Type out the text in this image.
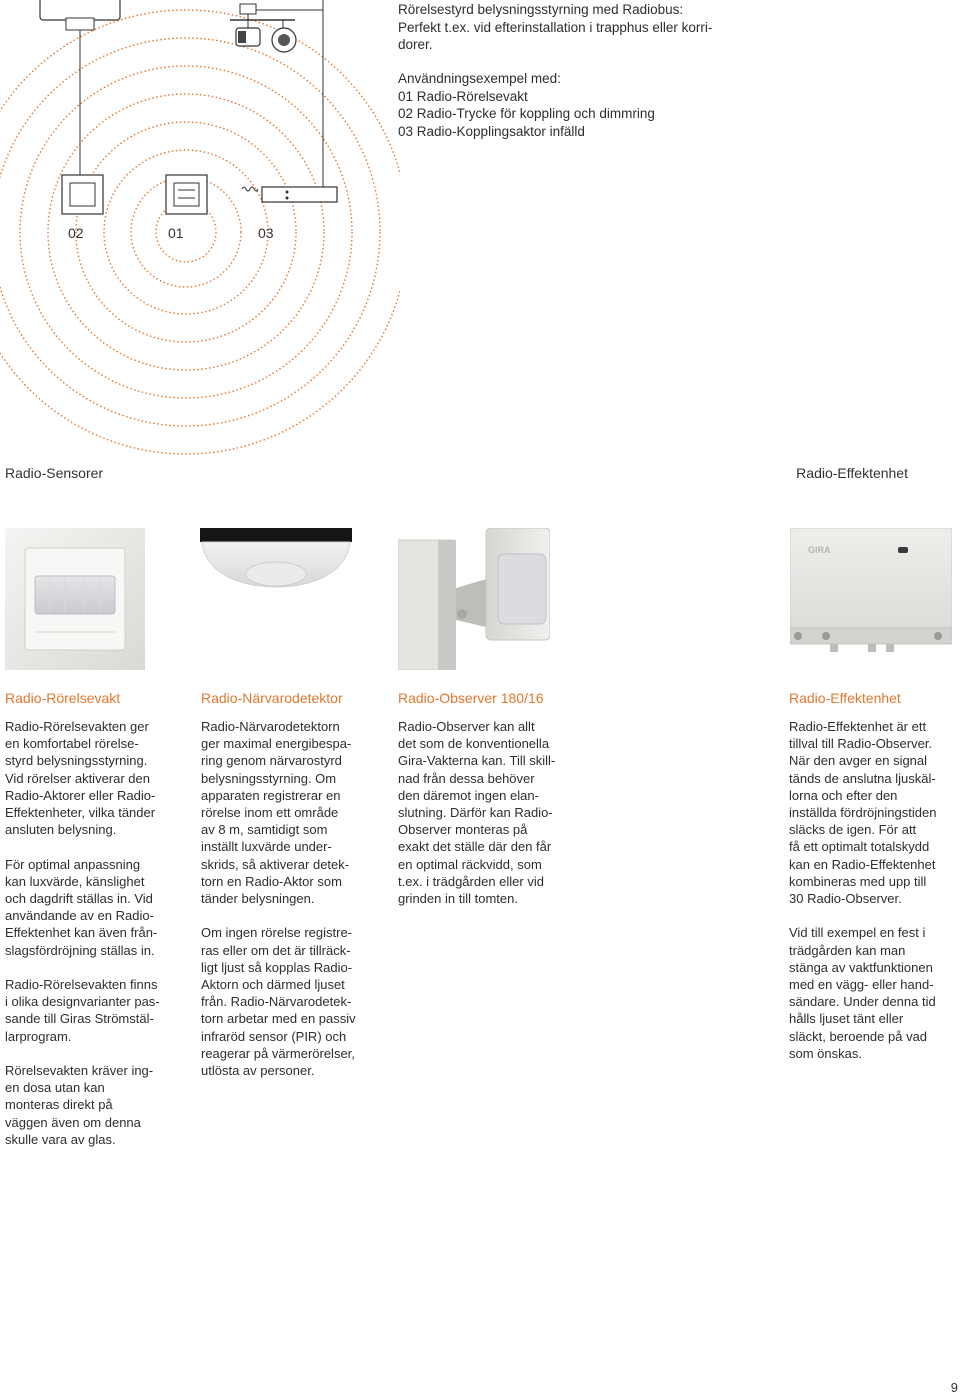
02	01	03
Rörelsestyrd belysningsstyrning med Radiobus:
Perfekt t.ex. vid efterinstallation i trapphus eller korri-
dorer.
Användningsexempel med:
01 Radio-Rörelsevakt
02 Radio-Trycke för koppling och dimmring
03 Radio-Kopplingsaktor infälld
Radio-Sensorer	Radio-Effektenhet
GIRA
Radio-Rörelsevakt
Radio-Rörelsevakten ger
en komfortabel rörelse-
styrd belysningsstyrning.
Vid rörelser aktiverar den
Radio-Aktorer eller Radio-
Effektenheter, vilka tänder
ansluten belysning.
För optimal anpassning
kan luxvärde, känslighet
och dagdrift ställas in. Vid
användande av en Radio-
Effektenhet kan även från-
slagsfördröjning ställas in.
Radio-Rörelsevakten finns
i olika designvarianter pas-
sande till Giras Strömstäl-
larprogram.
Rörelsevakten kräver ing-
en dosa utan kan
monteras direkt på
väggen även om denna
skulle vara av glas.
Radio-Närvarodetektor
Radio-Närvarodetektorn
ger maximal energibespa-
ring genom närvarostyrd
belysningsstyrning. Om
apparaten registrerar en
rörelse inom ett område
av 8 m, samtidigt som
inställt luxvärde under-
skrids, så aktiverar detek-
torn en Radio-Aktor som
tänder belysningen.
Om ingen rörelse registre-
ras eller om det är tillräck-
ligt ljust så kopplas Radio-
Aktorn och därmed ljuset
från. Radio-Närvarodetek-
torn arbetar med en passiv
infraröd sensor (PIR) och
reagerar på värmerörelser,
utlösta av personer.
Radio-Observer 180/16
Radio-Observer kan allt
det som de konventionella
Gira-Vakterna kan. Till skill-
nad från dessa behöver
den däremot ingen elan-
slutning. Därför kan Radio-
Observer monteras på
exakt det ställe där den får
en optimal räckvidd, som
t.ex. i trädgården eller vid
grinden in till tomten.
Radio-Effektenhet
Radio-Effektenhet är ett
tillval till Radio-Observer.
När den avger en signal
tänds de anslutna ljuskäl-
lorna och efter den
inställda fördröjningstiden
släcks de igen. För att
få ett optimalt totalskydd
kan en Radio-Effektenhet
kombineras med upp till
30 Radio-Observer.
Vid till exempel en fest i
trädgården kan man
stänga av vaktfunktionen
med en vägg- eller hand-
sändare. Under denna tid
hålls ljuset tänt eller
släckt, beroende på vad
som önskas.
9
